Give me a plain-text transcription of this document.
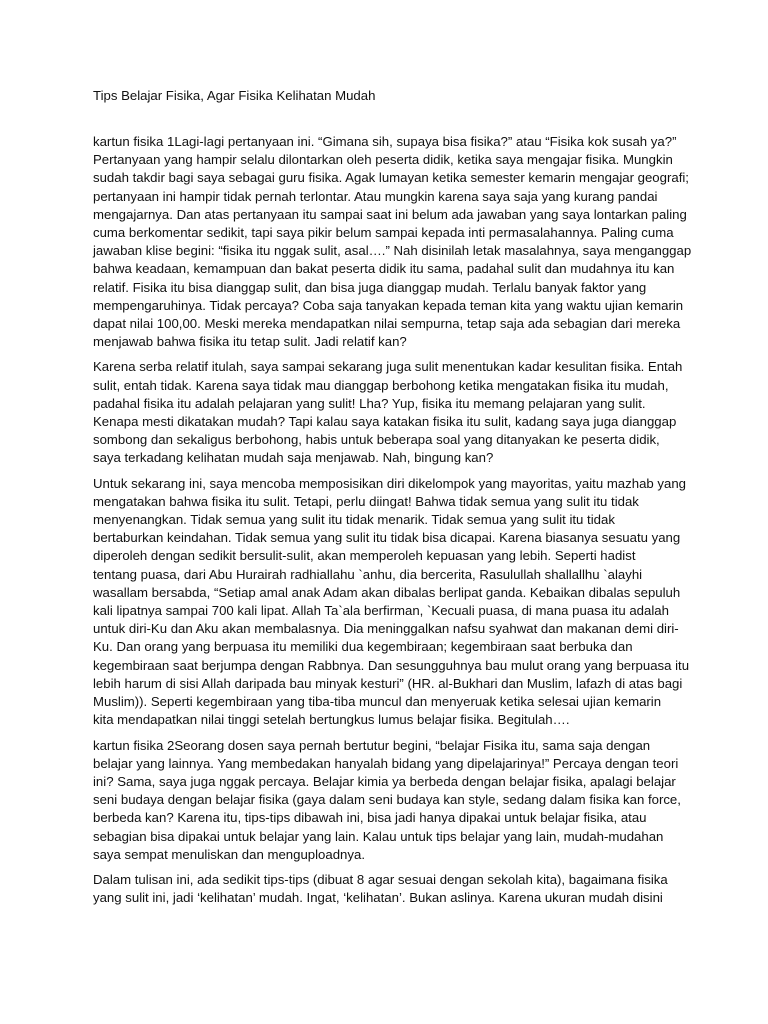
Tips Belajar Fisika, Agar Fisika Kelihatan Mudah

kartun fisika 1Lagi-lagi pertanyaan ini. “Gimana sih, supaya bisa fisika?” atau “Fisika kok susah ya?”
Pertanyaan yang hampir selalu dilontarkan oleh peserta didik, ketika saya mengajar fisika. Mungkin
sudah takdir bagi saya sebagai guru fisika. Agak lumayan ketika semester kemarin mengajar geografi;
pertanyaan ini hampir tidak pernah terlontar. Atau mungkin karena saya saja yang kurang pandai
mengajarnya. Dan atas pertanyaan itu sampai saat ini belum ada jawaban yang saya lontarkan paling
cuma berkomentar sedikit, tapi saya pikir belum sampai kepada inti permasalahannya. Paling cuma
jawaban klise begini: “fisika itu nggak sulit, asal….” Nah disinilah letak masalahnya, saya menganggap
bahwa keadaan, kemampuan dan bakat peserta didik itu sama, padahal sulit dan mudahnya itu kan
relatif. Fisika itu bisa dianggap sulit, dan bisa juga dianggap mudah. Terlalu banyak faktor yang
mempengaruhinya. Tidak percaya? Coba saja tanyakan kepada teman kita yang waktu ujian kemarin
dapat nilai 100,00. Meski mereka mendapatkan nilai sempurna, tetap saja ada sebagian dari mereka
menjawab bahwa fisika itu tetap sulit. Jadi relatif kan?

Karena serba relatif itulah, saya sampai sekarang juga sulit menentukan kadar kesulitan fisika. Entah
sulit, entah tidak. Karena saya tidak mau dianggap berbohong ketika mengatakan fisika itu mudah,
padahal fisika itu adalah pelajaran yang sulit! Lha? Yup, fisika itu memang pelajaran yang sulit.
Kenapa mesti dikatakan mudah? Tapi kalau saya katakan fisika itu sulit, kadang saya juga dianggap
sombong dan sekaligus berbohong, habis untuk beberapa soal yang ditanyakan ke peserta didik,
saya terkadang kelihatan mudah saja menjawab. Nah, bingung kan?

Untuk sekarang ini, saya mencoba memposisikan diri dikelompok yang mayoritas, yaitu mazhab yang
mengatakan bahwa fisika itu sulit. Tetapi, perlu diingat! Bahwa tidak semua yang sulit itu tidak
menyenangkan. Tidak semua yang sulit itu tidak menarik. Tidak semua yang sulit itu tidak
bertaburkan keindahan. Tidak semua yang sulit itu tidak bisa dicapai. Karena biasanya sesuatu yang
diperoleh dengan sedikit bersulit-sulit, akan memperoleh kepuasan yang lebih. Seperti hadist
tentang puasa, dari Abu Hurairah radhiallahu `anhu, dia bercerita, Rasulullah shallallhu `alayhi
wasallam bersabda, “Setiap amal anak Adam akan dibalas berlipat ganda. Kebaikan dibalas sepuluh
kali lipatnya sampai 700 kali lipat. Allah Ta`ala berfirman, `Kecuali puasa, di mana puasa itu adalah
untuk diri-Ku dan Aku akan membalasnya. Dia meninggalkan nafsu syahwat dan makanan demi diri-
Ku. Dan orang yang berpuasa itu memiliki dua kegembiraan; kegembiraan saat berbuka dan
kegembiraan saat berjumpa dengan Rabbnya. Dan sesungguhnya bau mulut orang yang berpuasa itu
lebih harum di sisi Allah daripada bau minyak kesturi” (HR. al-Bukhari dan Muslim, lafazh di atas bagi
Muslim)). Seperti kegembiraan yang tiba-tiba muncul dan menyeruak ketika selesai ujian kemarin
kita mendapatkan nilai tinggi setelah bertungkus lumus belajar fisika. Begitulah….

kartun fisika 2Seorang dosen saya pernah bertutur begini, “belajar Fisika itu, sama saja dengan
belajar yang lainnya. Yang membedakan hanyalah bidang yang dipelajarinya!” Percaya dengan teori
ini? Sama, saya juga nggak percaya. Belajar kimia ya berbeda dengan belajar fisika, apalagi belajar
seni budaya dengan belajar fisika (gaya dalam seni budaya kan style, sedang dalam fisika kan force,
berbeda kan? Karena itu, tips-tips dibawah ini, bisa jadi hanya dipakai untuk belajar fisika, atau
sebagian bisa dipakai untuk belajar yang lain. Kalau untuk tips belajar yang lain, mudah-mudahan
saya sempat menuliskan dan menguploadnya.

Dalam tulisan ini, ada sedikit tips-tips (dibuat 8 agar sesuai dengan sekolah kita), bagaimana fisika
yang sulit ini, jadi ‘kelihatan’ mudah. Ingat, ‘kelihatan’. Bukan aslinya. Karena ukuran mudah disini
